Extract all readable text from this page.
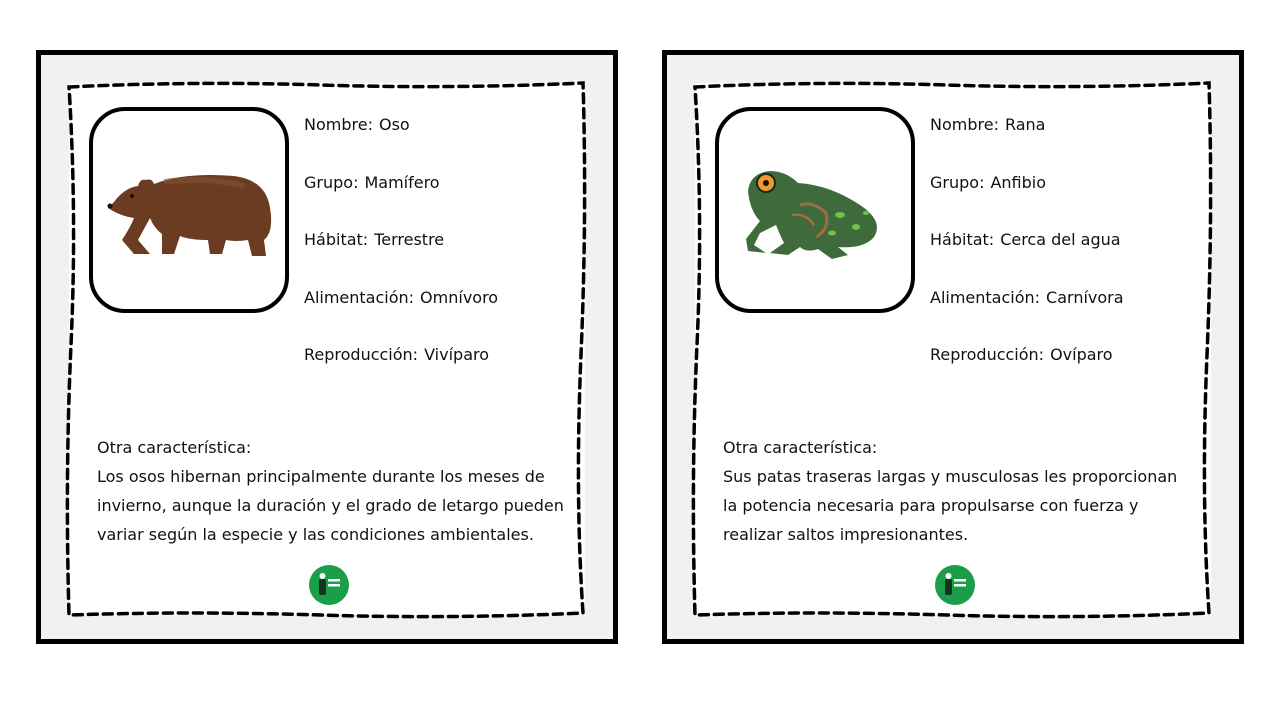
Nombre: Oso
Grupo: Mamífero
Hábitat: Terrestre
Alimentación: Omnívoro
Reproducción: Vivíparo
Otra característica:
Los osos hibernan principalmente durante los meses de
invierno, aunque la duración y el grado de letargo pueden
variar según la especie y las condiciones ambientales.
Nombre: Rana
Grupo: Anfibio
Hábitat: Cerca del agua
Alimentación: Carnívora
Reproducción: Ovíparo
Otra característica:
Sus patas traseras largas y musculosas les proporcionan
la potencia necesaria para propulsarse con fuerza y
realizar saltos impresionantes.
